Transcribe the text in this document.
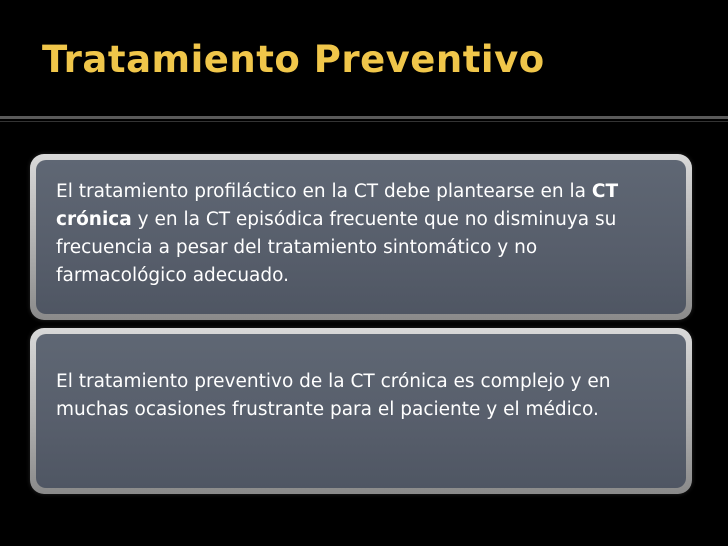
Tratamiento Preventivo
El tratamiento profiláctico en la CT debe plantearse en la CT crónica y en la CT episódica frecuente que no disminuya su frecuencia a pesar del tratamiento sintomático y no farmacológico adecuado.
El tratamiento preventivo de la CT crónica es complejo y en muchas ocasiones frustrante para el paciente y el médico.
